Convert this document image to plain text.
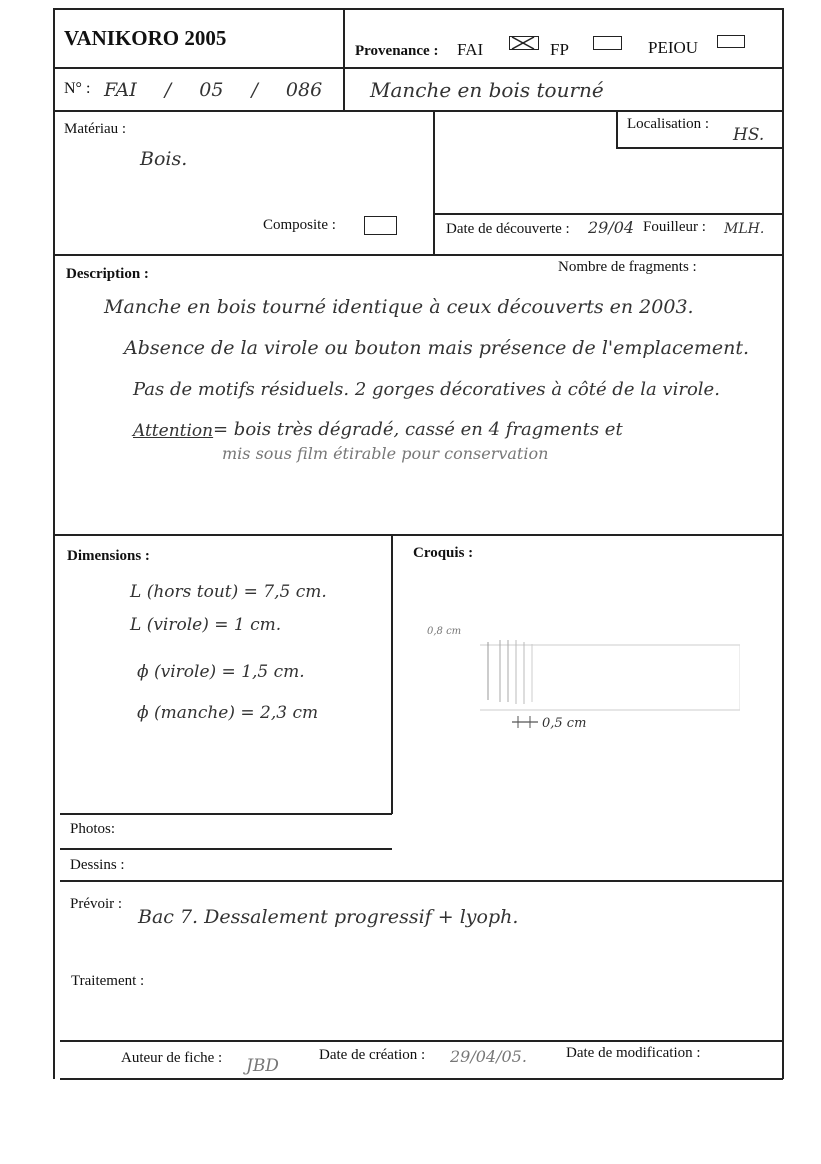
VANIKORO 2005
Provenance : FAI	FP	PEIOU
N° : FAI / 05 / 086 Manche en bois tourné
Matériau :
Bois.
Localisation :
HS.
Composite :	Date de découverte : 29/04 Fouilleur : MLH.
Description :	Nombre de fragments :
Manche en bois tourné identique à ceux découverts en 2003.
Absence de la virole ou bouton mais présence de l'emplacement.
Pas de motifs résiduels. 2 gorges décoratives à côté de la virole.
Attention = bois très dégradé, cassé en 4 fragments et
mis sous film étirable pour conservation
Dimensions :
L (hors tout) = 7,5 cm.
L (virole) = 1 cm.
ϕ (virole) = 1,5 cm.
ϕ (manche) = 2,3 cm
Croquis :
0,8 cm
0,5 cm
Photos:
Dessins :
Prévoir :
Bac 7. Dessalement progressif + lyoph.
Traitement :
Auteur de fiche : JBD
Date de création : 29/04/05.	Date de modification :
